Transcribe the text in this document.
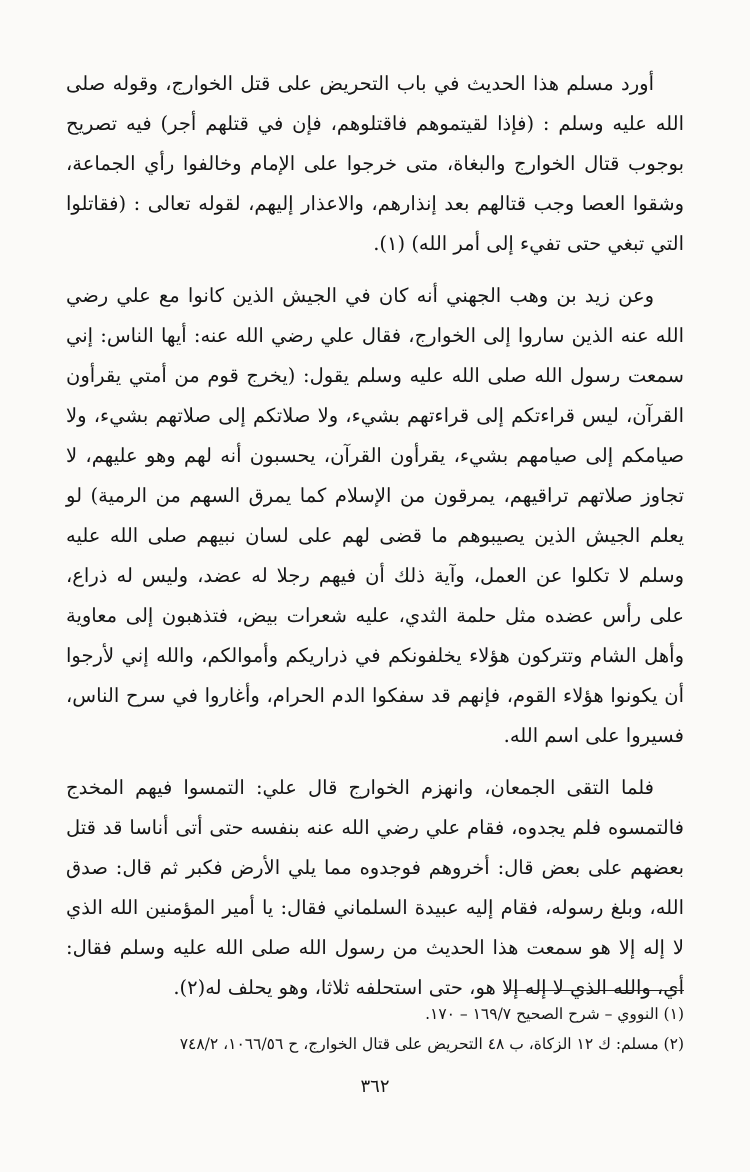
أورد مسلم هذا الحديث في باب التحريض على قتل الخوارج، وقوله صلى الله عليه وسلم : (فإذا لقيتموهم فاقتلوهم، فإن في قتلهم أجر) فيه تصريح بوجوب قتال الخوارج والبغاة، متى خرجوا على الإمام وخالفوا رأي الجماعة، وشقوا العصا وجب قتالهم بعد إنذارهم، والاعذار إليهم، لقوله تعالى : (فقاتلوا التي تبغي حتى تفيء إلى أمر الله) (١).

وعن زيد بن وهب الجهني أنه كان في الجيش الذين كانوا مع علي رضي الله عنه الذين ساروا إلى الخوارج، فقال علي رضي الله عنه: أيها الناس: إني سمعت رسول الله صلى الله عليه وسلم يقول: (يخرج قوم من أمتي يقرأون القرآن، ليس قراءتكم إلى قراءتهم بشيء، ولا صلاتكم إلى صلاتهم بشيء، ولا صيامكم إلى صيامهم بشيء، يقرأون القرآن، يحسبون أنه لهم وهو عليهم، لا تجاوز صلاتهم تراقيهم، يمرقون من الإسلام كما يمرق السهم من الرمية) لو يعلم الجيش الذين يصيبوهم ما قضى لهم على لسان نبيهم صلى الله عليه وسلم لا تكلوا عن العمل، وآية ذلك أن فيهم رجلا له عضد، وليس له ذراع، على رأس عضده مثل حلمة الثدي، عليه شعرات بيض، فتذهبون إلى معاوية وأهل الشام وتتركون هؤلاء يخلفونكم في ذراريكم وأموالكم، والله إني لأرجوا أن يكونوا هؤلاء القوم، فإنهم قد سفكوا الدم الحرام، وأغاروا في سرح الناس، فسيروا على اسم الله.

فلما التقى الجمعان، وانهزم الخوارج قال علي: التمسوا فيهم المخدج فالتمسوه فلم يجدوه، فقام علي رضي الله عنه بنفسه حتى أتى أناسا قد قتل بعضهم على بعض قال: أخروهم فوجدوه مما يلي الأرض فكبر ثم قال: صدق الله، وبلغ رسوله، فقام إليه عبيدة السلماني فقال: يا أمير المؤمنين الله الذي لا إله إلا هو سمعت هذا الحديث من رسول الله صلى الله عليه وسلم فقال: أي، والله الذي لا إله إلا هو، حتى استحلفه ثلاثا، وهو يحلف له(٢).

(١) النووي – شرح الصحيح ١٦٩/٧ – ١٧٠.
(٢) مسلم: ك ١٢ الزكاة، ب ٤٨ التحريض على قتال الخوارج، ح ١٠٦٦/٥٦، ٧٤٨/٢
٣٦٢
